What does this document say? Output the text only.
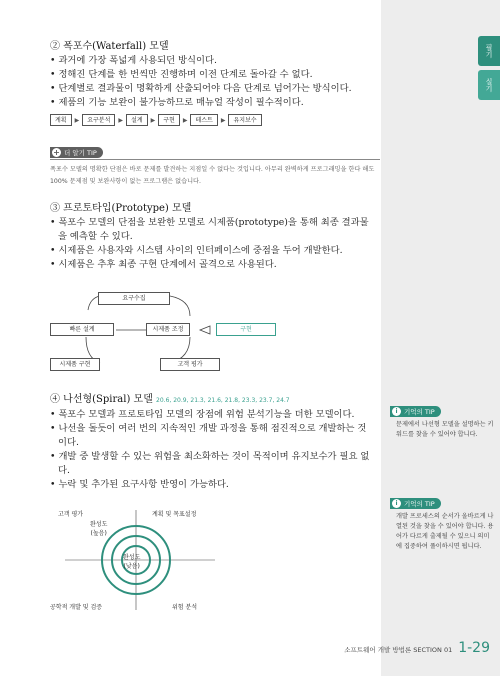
필기
실기
② 폭포수(Waterfall) 모델
• 과거에 가장 폭넓게 사용되던 방식이다.
• 정해진 단계를 한 번씩만 진행하며 이전 단계로 돌아갈 수 없다.
• 단계별로 결과물이 명확하게 산출되어야 다음 단계로 넘어가는 방식이다.
• 제품의 기능 보완이 불가능하므로 매뉴얼 작성이 필수적이다.
계획	▶	요구분석	▶	설계	▶	구현	▶	테스트	▶	유지보수
+ 더 알기 TIP
폭포수 모델의 명확한 단점은 바로 문제를 발견하는 지점일 수 없다는 것입니다. 아무리 완벽하게 프로그래밍을 한다 해도 100% 문제점 및 보완사항이 없는 프로그램은 없습니다.
③ 프로토타입(Prototype) 모델
• 폭포수 모델의 단점을 보완한 모델로 시제품(prototype)을 통해 최종 결과물을 예측할 수 있다.
• 시제품은 사용자와 시스템 사이의 인터페이스에 중점을 두어 개발한다.
• 시제품은 추후 최종 구현 단계에서 골격으로 사용된다.
요구수집
빠른 설계	시제품 조정	구현
시제품 구현	고객 평가
④ 나선형(Spiral) 모델 20.6, 20.9, 21.3, 21.6, 21.8, 23.3, 23.7, 24.7
• 폭포수 모델과 프로토타입 모델의 장점에 위험 분석기능을 더한 모델이다.
• 나선을 돌듯이 여러 번의 지속적인 개발 과정을 통해 점진적으로 개발하는 것이다.
• 개발 중 발생할 수 있는 위험을 최소화하는 것이 목적이며 유지보수가 필요 없다.
• 누락 및 추가된 요구사항 반영이 가능하다.
고객 평가	계획 및 목표설정
공학적 개발 및 검증	위험 분석
완성도
(높음)
완성도
(낮음)
i 기억의 TIP
문제에서 나선형 모델을 설명하는 키워드를 찾을 수 있어야 합니다.
i 기억의 TIP
개발 프로세스의 순서가 올바르게 나열된 것을 찾을 수 있어야 합니다. 용어가 다르게 출제될 수 있으니 의미에 집중하여 풀이하시면 됩니다.
소프트웨어 개발 방법론 SECTION 01 1-29
